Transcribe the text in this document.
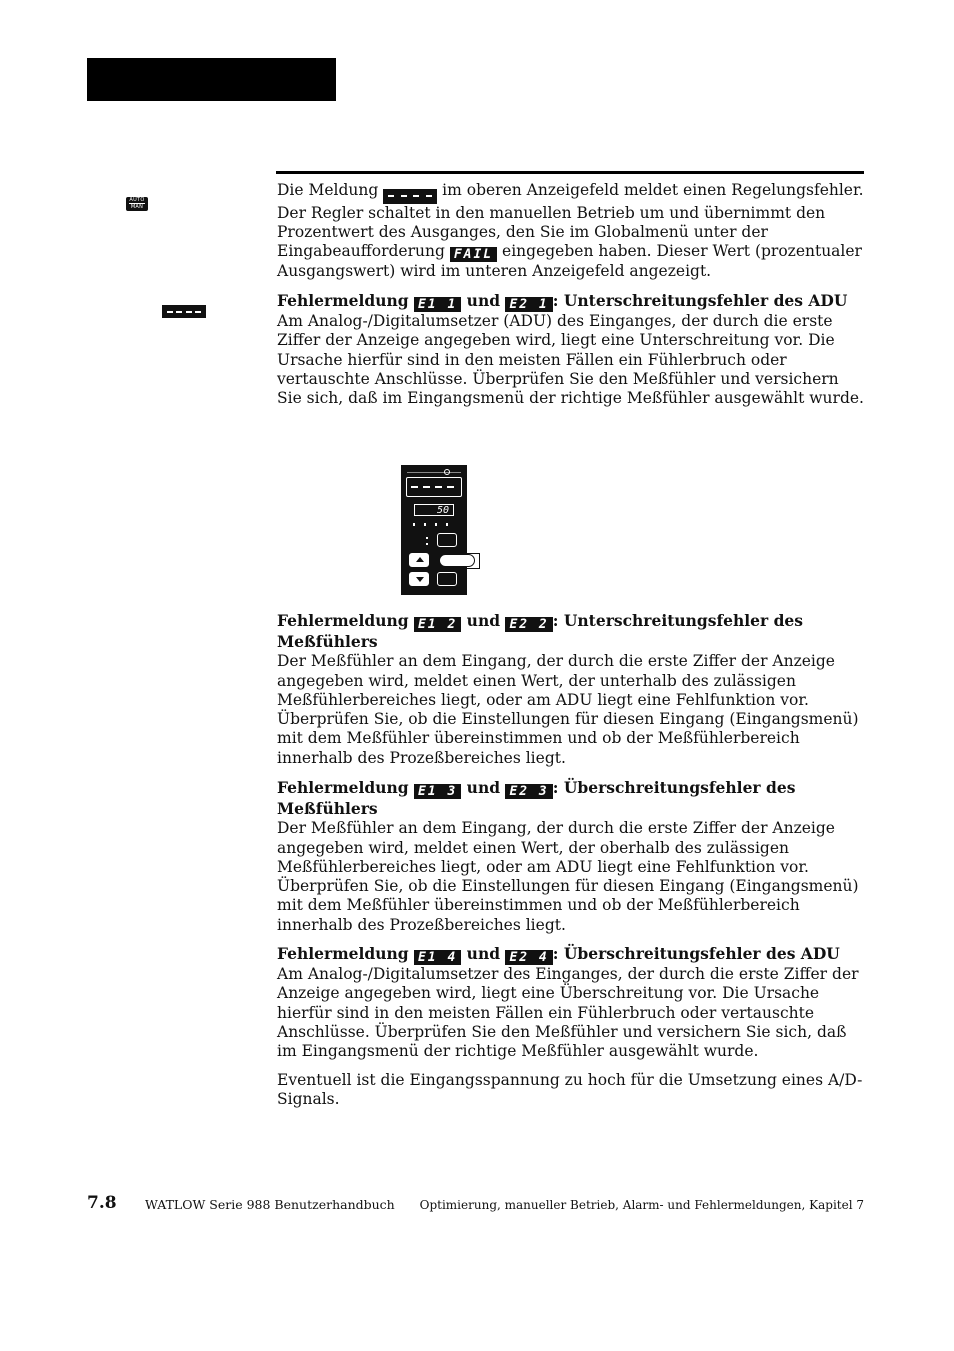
AUTO
MAN

Die Meldung	im oberen Anzeigefeld meldet einen Regelungsfehler. Der Regler schaltet in den manuellen Betrieb um und übernimmt den Prozentwert des Ausganges, den Sie im Globalmenü unter der Eingabeaufforderung FAIL eingegeben haben. Dieser Wert (prozentualer Ausgangswert) wird im unteren Anzeigefeld angezeigt.

Fehlermeldung E1 1 und E2 1 : Unterschreitungsfehler des ADU

Am Analog-/Digitalumsetzer (ADU) des Einganges, der durch die erste Ziffer der Anzeige angegeben wird, liegt eine Unterschreitung vor. Die Ursache hierfür sind in den meisten Fällen ein Fühlerbruch oder vertauschte Anschlüsse. Überprüfen Sie den Meßfühler und versichern Sie sich, daß im Eingangsmenü der richtige Meßfühler ausgewählt wurde.

50

Fehlermeldung E1 2 und E2 2 : Unterschreitungsfehler des Meßfühlers

Der Meßfühler an dem Eingang, der durch die erste Ziffer der Anzeige angegeben wird, meldet einen Wert, der unterhalb des zulässigen Meßfühlerbereiches liegt, oder am ADU liegt eine Fehlfunktion vor. Überprüfen Sie, ob die Einstellungen für diesen Eingang (Eingangsmenü) mit dem Meßfühler übereinstimmen und ob der Meßfühlerbereich innerhalb des Prozeßbereiches liegt.

Fehlermeldung E1 3 und E2 3 : Überschreitungsfehler des Meßfühlers

Der Meßfühler an dem Eingang, der durch die erste Ziffer der Anzeige angegeben wird, meldet einen Wert, der oberhalb des zulässigen Meßfühlerbereiches liegt, oder am ADU liegt eine Fehlfunktion vor. Überprüfen Sie, ob die Einstellungen für diesen Eingang (Eingangsmenü) mit dem Meßfühler übereinstimmen und ob der Meßfühlerbereich innerhalb des Prozeßbereiches liegt.

Fehlermeldung E1 4 und E2 4 : Überschreitungsfehler des ADU

Am Analog-/Digitalumsetzer des Einganges, der durch die erste Ziffer der Anzeige angegeben wird, liegt eine Überschreitung vor. Die Ursache hierfür sind in den meisten Fällen ein Fühlerbruch oder vertauschte Anschlüsse. Überprüfen Sie den Meßfühler und versichern Sie sich, daß im Eingangsmenü der richtige Meßfühler ausgewählt wurde.

Eventuell ist die Eingangsspannung zu hoch für die Umsetzung eines A/D-Signals.

7.8 WATLOW Serie 988 Benutzerhandbuch Optimierung, manueller Betrieb, Alarm- und Fehlermeldungen, Kapitel 7
